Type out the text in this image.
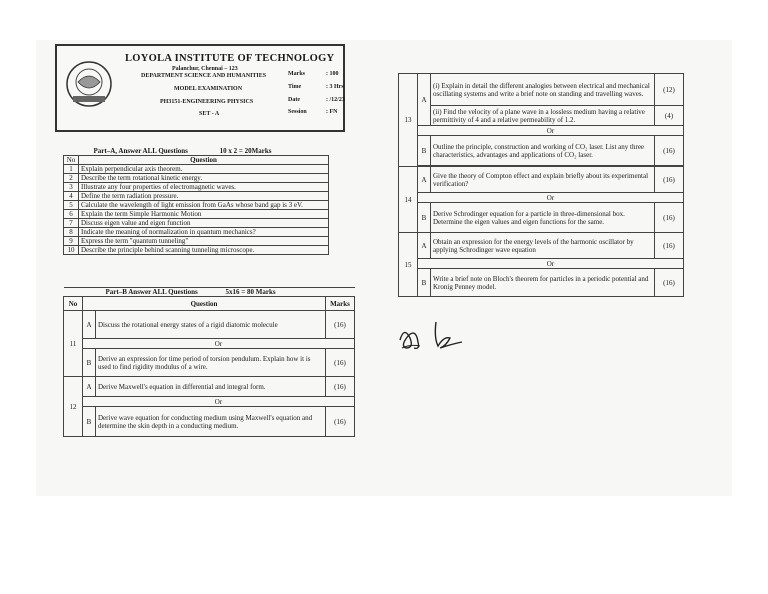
LOYOLA INSTITUTE OF TECHNOLOGY
Palanchur, Chennai – 123
DEPARTMENT SCIENCE AND HUMANITIES
MODEL EXAMINATION
PH3151-ENGINEERING PHYSICS
SET - A
Marks	: 100
Time	: 3 Hrs
Date	: /12/23
Session	: FN
Part–A, Answer ALL Questions 10 x 2 = 20Marks	
No	Question
1	Explain perpendicular axis theorem.
2	Describe the term rotational kinetic energy.
3	Illustrate any four properties of electromagnetic waves.
4	Define the term radiation pressure.
5	Calculate the wavelength of light emission from GaAs whose band gap is 3 eV.
6	Explain the term Simple Harmonic Motion
7	Discuss eigen value and eigen function
8	Indicate the meaning of normalization in quantum mechanics?
9	Express the term "quantum tunneling"
10	Describe the principle behind scanning tunneling microscope.
Part–B Answer ALL Questions 5x16 = 80 Marks			
No	Question		Marks
11	A	Discuss the rotational energy states of a rigid diatomic molecule	(16)
	Or		
	B	Derive an expression for time period of torsion pendulum. Explain how it is used to find rigidity modulus of a wire.	(16)
12	A	Derive Maxwell's equation in differential and integral form.	(16)
	Or		
	B	Derive wave equation for conducting medium using Maxwell's equation and determine the skin depth in a conducting medium.	(16)
13	A	(i) Explain in detail the different analogies between electrical and mechanical oscillating systems and write a brief note on standing and travelling waves.	(12)
		(ii) Find the velocity of a plane wave in a lossless medium having a relative permittivity of 4 and a relative permeability of 1.2.	(4)
	Or		
	B	Outline the principle, construction and working of CO₂ laser. List any three characteristics, advantages and applications of CO₂ laser.	(16)

14	A	Give the theory of Compton effect and explain briefly about its experimental verification?	(16)
	Or		
	B	Derive Schrodinger equation for a particle in three-dimensional box. Determine the eigen values and eigen functions for the same.	(16)
15	A	Obtain an expression for the energy levels of the harmonic oscillator by applying Schrodinger wave equation	(16)
	Or		
	B	Write a brief note on Bloch's theorem for particles in a periodic potential and Kronig Penney model.	(16)
